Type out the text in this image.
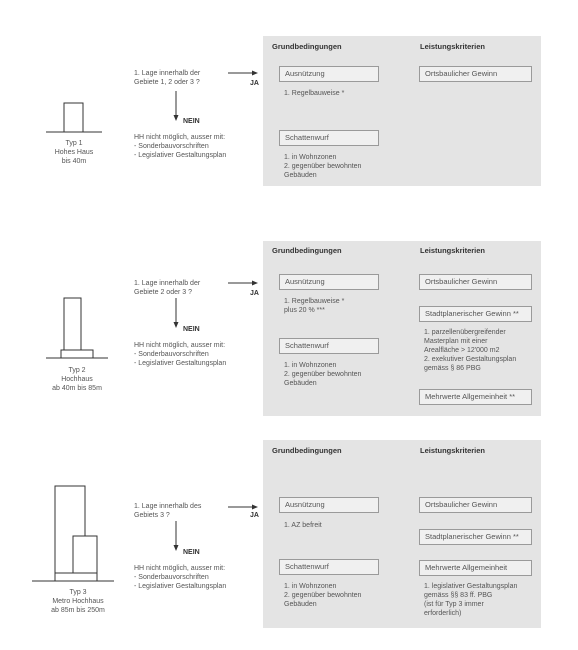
Grundbedingungen	Leistungskriterien
Ausnützung
1. Regelbauweise *
Schattenwurf
1. in Wohnzonen
2. gegenüber bewohnten
Gebäuden
Ortsbaulicher Gewinn
1. Lage innerhalb der
Gebiete 1, 2 oder 3 ?	JA
NEIN
HH nicht möglich, ausser mit:
- Sonderbauvorschriften
- Legislativer Gestaltungsplan
Typ 1
Hohes Haus
bis 40m
Grundbedingungen	Leistungskriterien
Ausnützung
1. Regelbauweise *
plus 20 % ***
Schattenwurf
1. in Wohnzonen
2. gegenüber bewohnten
Gebäuden
Ortsbaulicher Gewinn
Stadtplanerischer Gewinn **
1. parzellenübergreifender
Masterplan mit einer
Arealfläche > 12'000 m2
2. exekutiver Gestaltungsplan
gemäss § 86 PBG
Mehrwerte Allgemeinheit **
1. Lage innerhalb der
Gebiete 2 oder 3 ?	JA
NEIN
HH nicht möglich, ausser mit:
- Sonderbauvorschriften
- Legislativer Gestaltungsplan
Typ 2
Hochhaus
ab 40m bis 85m
Grundbedingungen	Leistungskriterien
Ausnützung
1. AZ befreit
Schattenwurf
1. in Wohnzonen
2. gegenüber bewohnten
Gebäuden
Ortsbaulicher Gewinn
Stadtplanerischer Gewinn **
Mehrwerte Allgemeinheit
1. legislativer Gestaltungsplan
gemäss §§ 83 ff. PBG
(ist für Typ 3 immer
erforderlich)
1. Lage innerhalb des
Gebiets 3 ?	JA
NEIN
HH nicht möglich, ausser mit:
- Sonderbauvorschriften
- Legislativer Gestaltungsplan
Typ 3
Metro Hochhaus
ab 85m bis 250m
